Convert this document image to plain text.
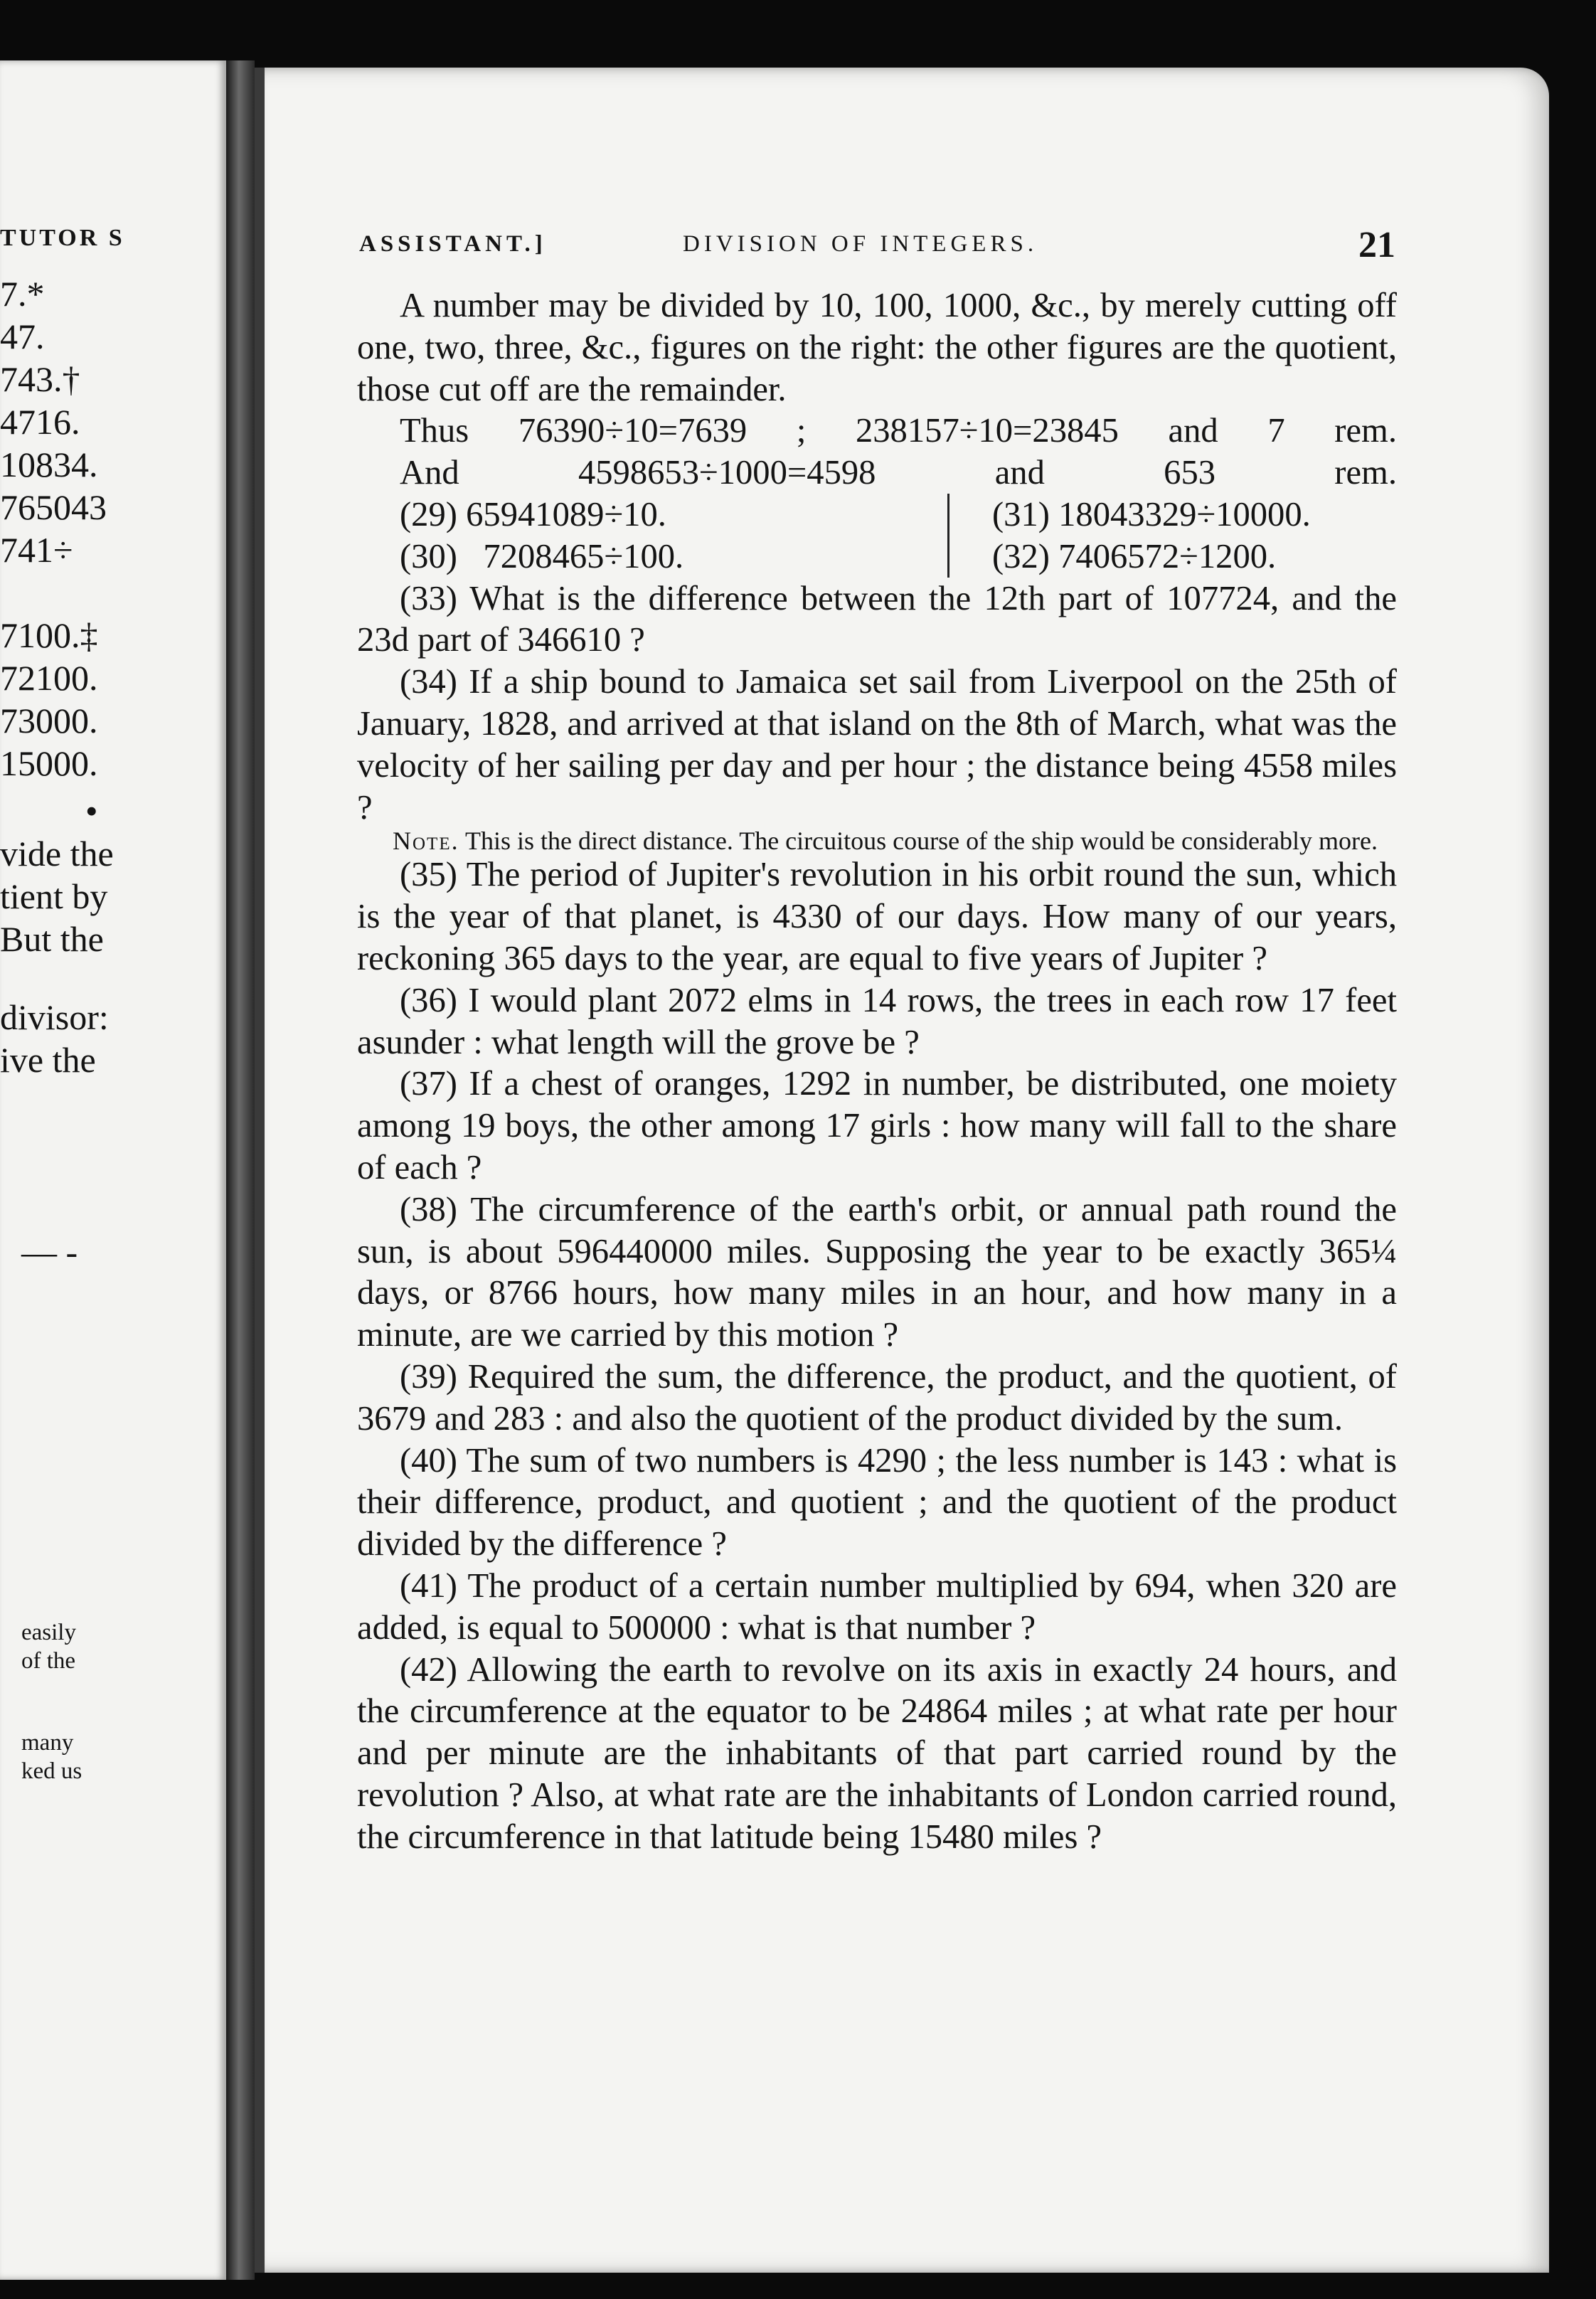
TUTOR S
7.*
47.
743.†
4716.
10834.
765043
741÷
7100.‡
72100.
73000.
15000.
•
vide the
tient by
But the
divisor:
ive the
— -
easily
of the
many
ked us
ASSISTANT.]	DIVISION OF INTEGERS.	21

A number may be divided by 10, 100, 1000, &c., by merely cutting off one, two, three, &c., figures on the right: the other figures are the quotient, those cut off are the remainder.

Thus 76390÷10=7639 ; 238157÷10=23845 and 7 rem.

And 4598653÷1000=4598 and 653 rem.

(29) 65941089÷10.	(31) 18043329÷10000.
(30)   7208465÷100.	(32) 7406572÷1200.

(33) What is the difference between the 12th part of 107724, and the 23d part of 346610 ?

(34) If a ship bound to Jamaica set sail from Liverpool on the 25th of January, 1828, and arrived at that island on the 8th of March, what was the velocity of her sailing per day and per hour ; the distance being 4558 miles ?

Note. This is the direct distance. The circuitous course of the ship would be considerably more.

(35) The period of Jupiter's revolution in his orbit round the sun, which is the year of that planet, is 4330 of our days. How many of our years, reckoning 365 days to the year, are equal to five years of Jupiter ?

(36) I would plant 2072 elms in 14 rows, the trees in each row 17 feet asunder : what length will the grove be ?

(37) If a chest of oranges, 1292 in number, be distributed, one moiety among 19 boys, the other among 17 girls : how many will fall to the share of each ?

(38) The circumference of the earth's orbit, or annual path round the sun, is about 596440000 miles. Supposing the year to be exactly 365¼ days, or 8766 hours, how many miles in an hour, and how many in a minute, are we carried by this motion ?

(39) Required the sum, the difference, the product, and the quotient, of 3679 and 283 : and also the quotient of the product divided by the sum.

(40) The sum of two numbers is 4290 ; the less number is 143 : what is their difference, product, and quotient ; and the quotient of the product divided by the difference ?

(41) The product of a certain number multiplied by 694, when 320 are added, is equal to 500000 : what is that number ?

(42) Allowing the earth to revolve on its axis in exactly 24 hours, and the circumference at the equator to be 24864 miles ; at what rate per hour and per minute are the inhabitants of that part carried round by the revolution ? Also, at what rate are the inhabitants of London carried round, the circumference in that latitude being 15480 miles ?
